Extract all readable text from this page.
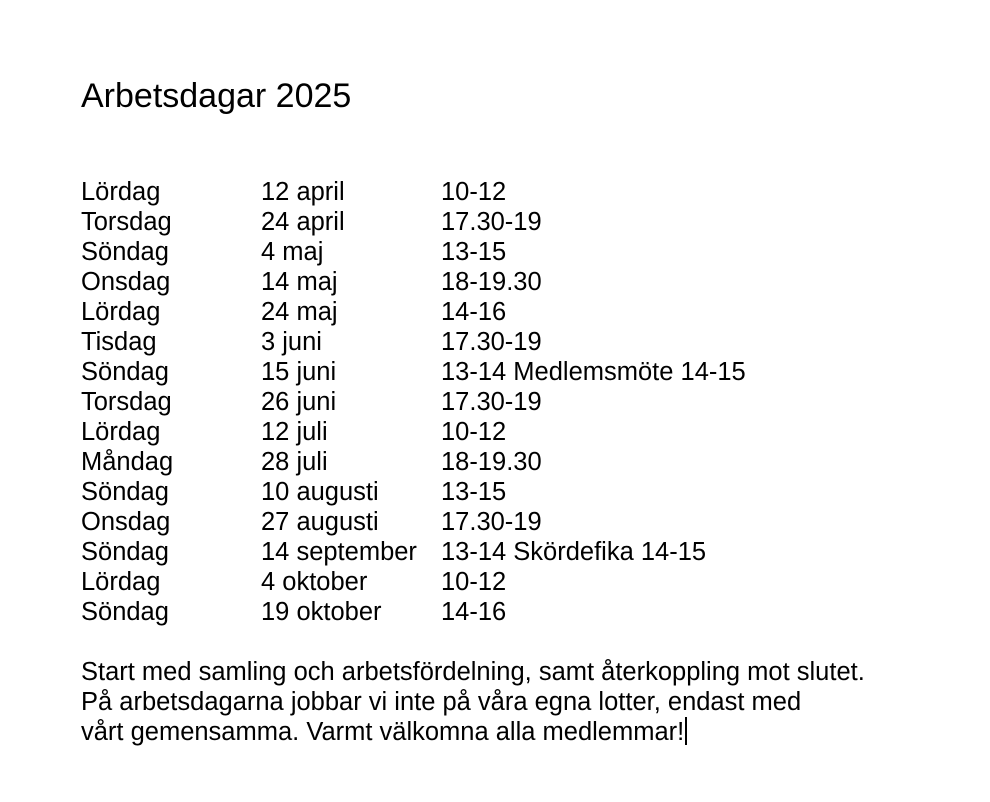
Arbetsdagar 2025
Lördag	12 april	10-12
Torsdag	24 april	17.30-19
Söndag	4 maj	13-15
Onsdag	14 maj	18-19.30
Lördag	24 maj	14-16
Tisdag	3 juni	17.30-19
Söndag	15 juni	13-14 Medlemsmöte 14-15
Torsdag	26 juni	17.30-19
Lördag	12 juli	10-12
Måndag	28 juli	18-19.30
Söndag	10 augusti 13-15
Onsdag	27 augusti 17.30-19
Söndag	14 september 13-14 Skördefika 14-15
Lördag	4 oktober	10-12
Söndag	19 oktober 14-16
Start med samling och arbetsfördelning, samt återkoppling mot slutet.
På arbetsdagarna jobbar vi inte på våra egna lotter, endast med
vårt gemensamma. Varmt välkomna alla medlemmar!
